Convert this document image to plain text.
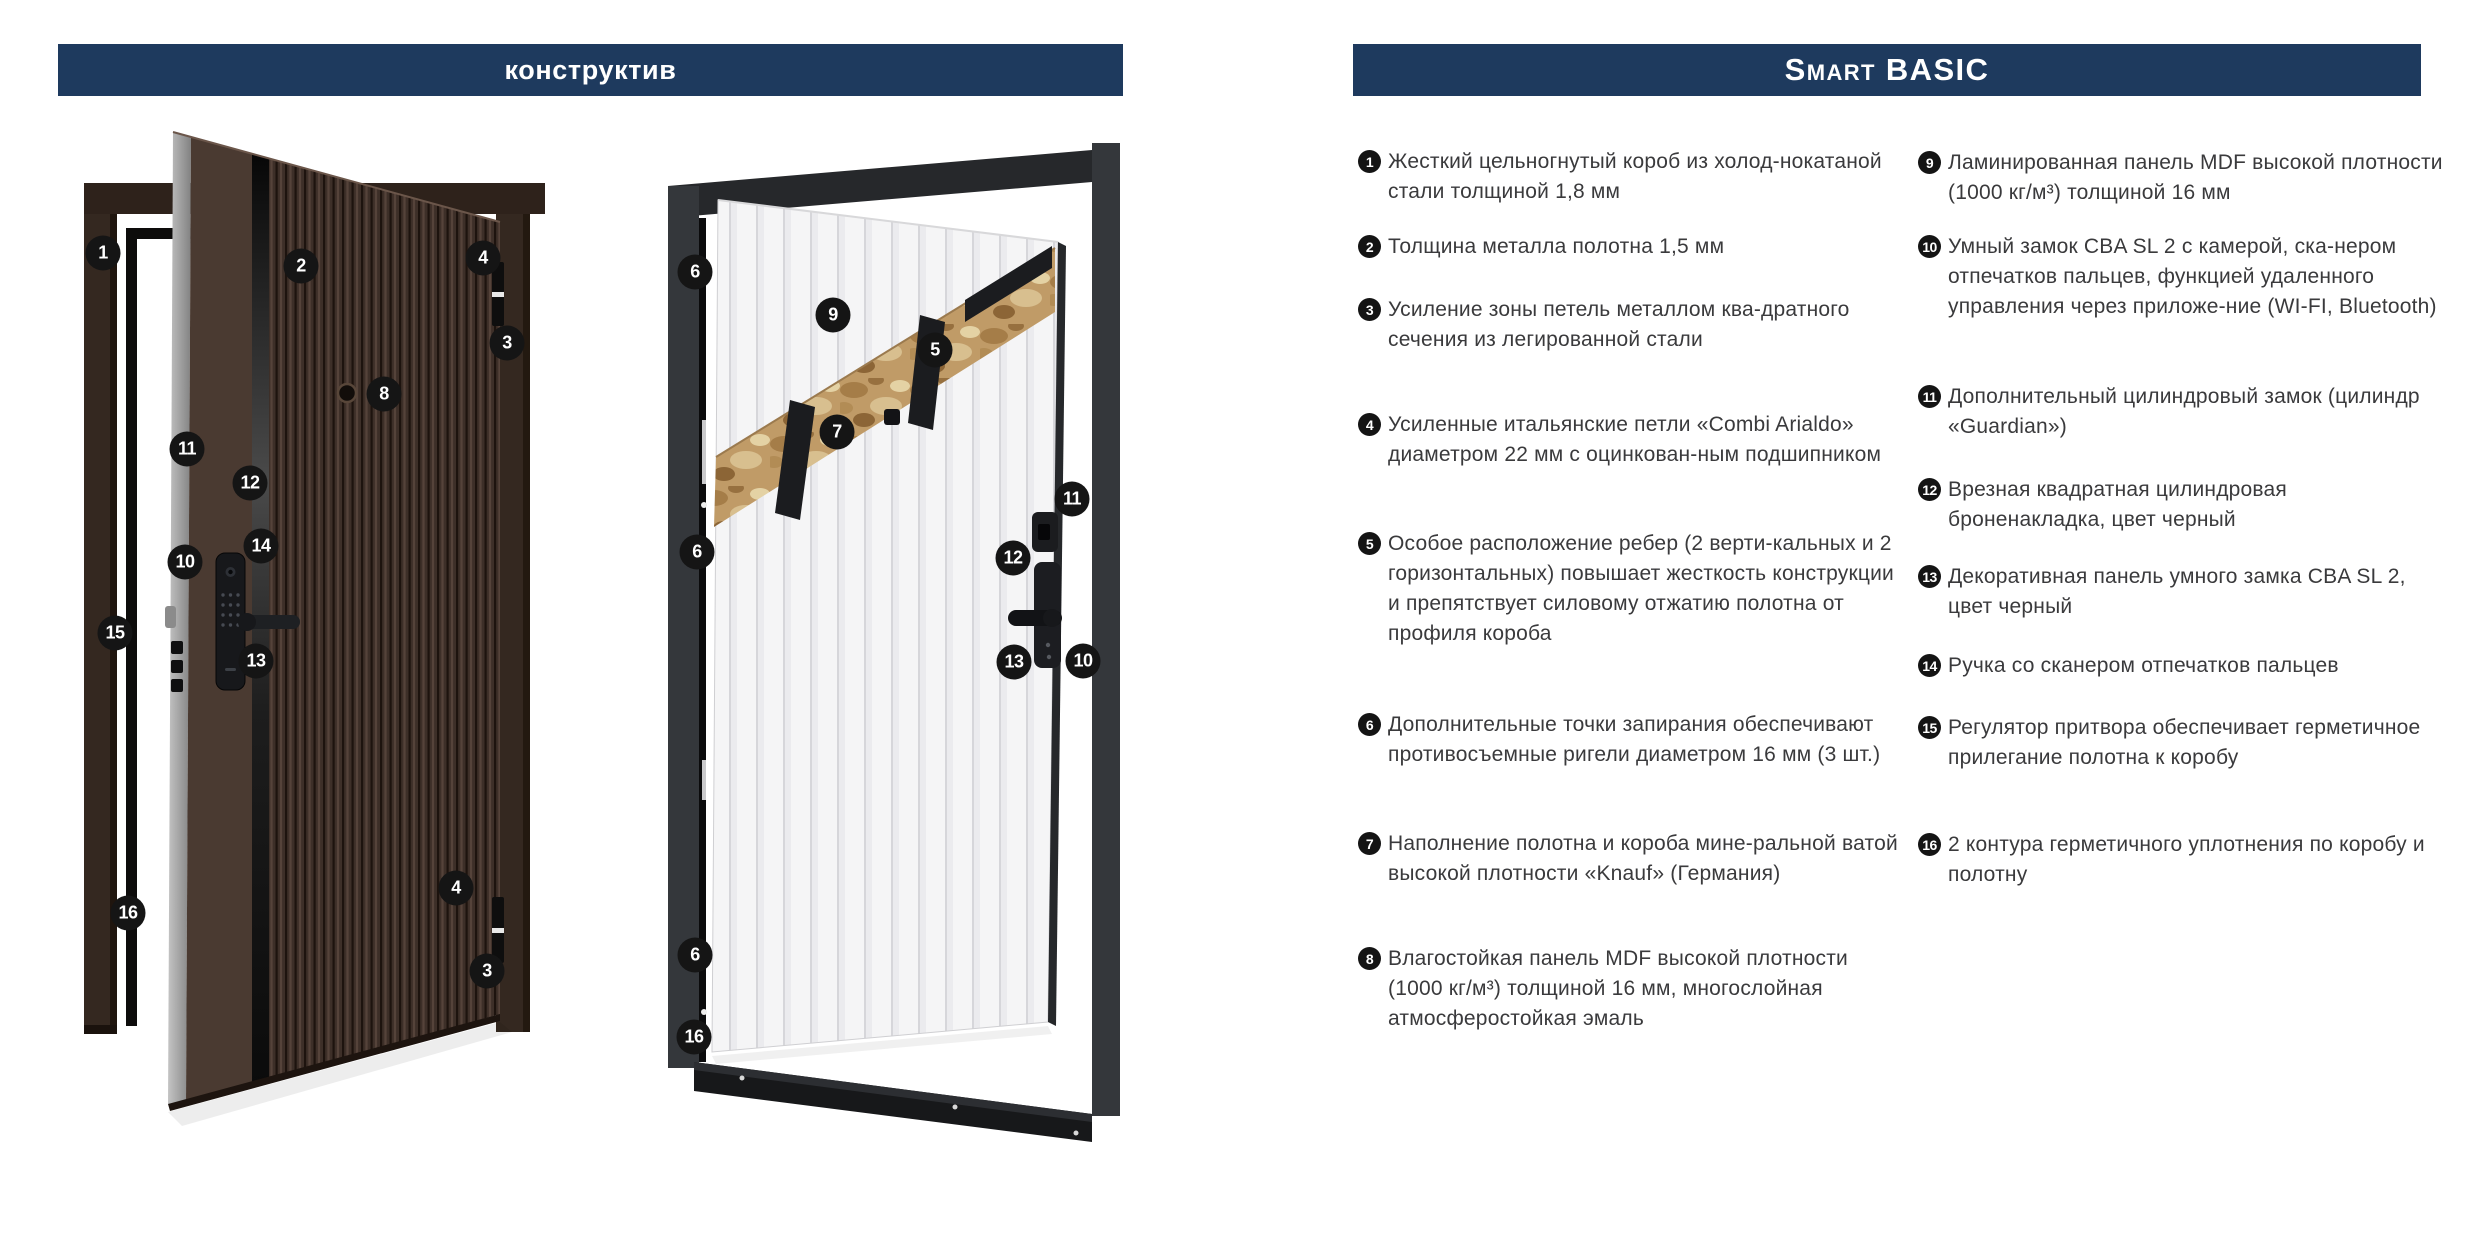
конструктив	Smart BASIC
1
2	4
3
8
11
12
14
10
15
13
16
4
3
6
9
5
7
6
11
12
13	10
6
16
1 Жесткий цельногнутый короб из холод-нокатаной стали толщиной 1,8 мм
2 Толщина металла полотна 1,5 мм
3 Усиление зоны петель металлом ква-дратного сечения из легированной стали
4 Усиленные итальянские петли «Combi Arialdo» диаметром 22 мм с оцинкован-ным подшипником
5 Особое расположение ребер (2 верти-кальных и 2 горизонтальных) повышает жесткость конструкции и препятствует силовому отжатию полотна от профиля короба
6 Дополнительные точки запирания обеспечивают противосъемные ригели диаметром 16 мм (3 шт.)
7 Наполнение полотна и короба мине-ральной ватой высокой плотности «Knauf» (Германия)
8 Влагостойкая панель MDF высокой плотности (1000 кг/м³) толщиной 16 мм, многослойная атмосферостойкая эмаль
9 Ламинированная панель MDF высокой плотности (1000 кг/м³) толщиной 16 мм
10 Умный замок CBA SL 2 с камерой, ска-нером отпечатков пальцев, функцией удаленного управления через приложе-ние (WI-FI, Bluetooth)
11 Дополнительный цилиндровый замок (цилиндр «Guardian»)
12 Врезная квадратная цилиндровая броненакладка, цвет черный
13 Декоративная панель умного замка CBA SL 2, цвет черный
14 Ручка со сканером отпечатков пальцев
15 Регулятор притвора обеспечивает герметичное прилегание полотна к коробу
16 2 контура герметичного уплотнения по коробу и полотну
